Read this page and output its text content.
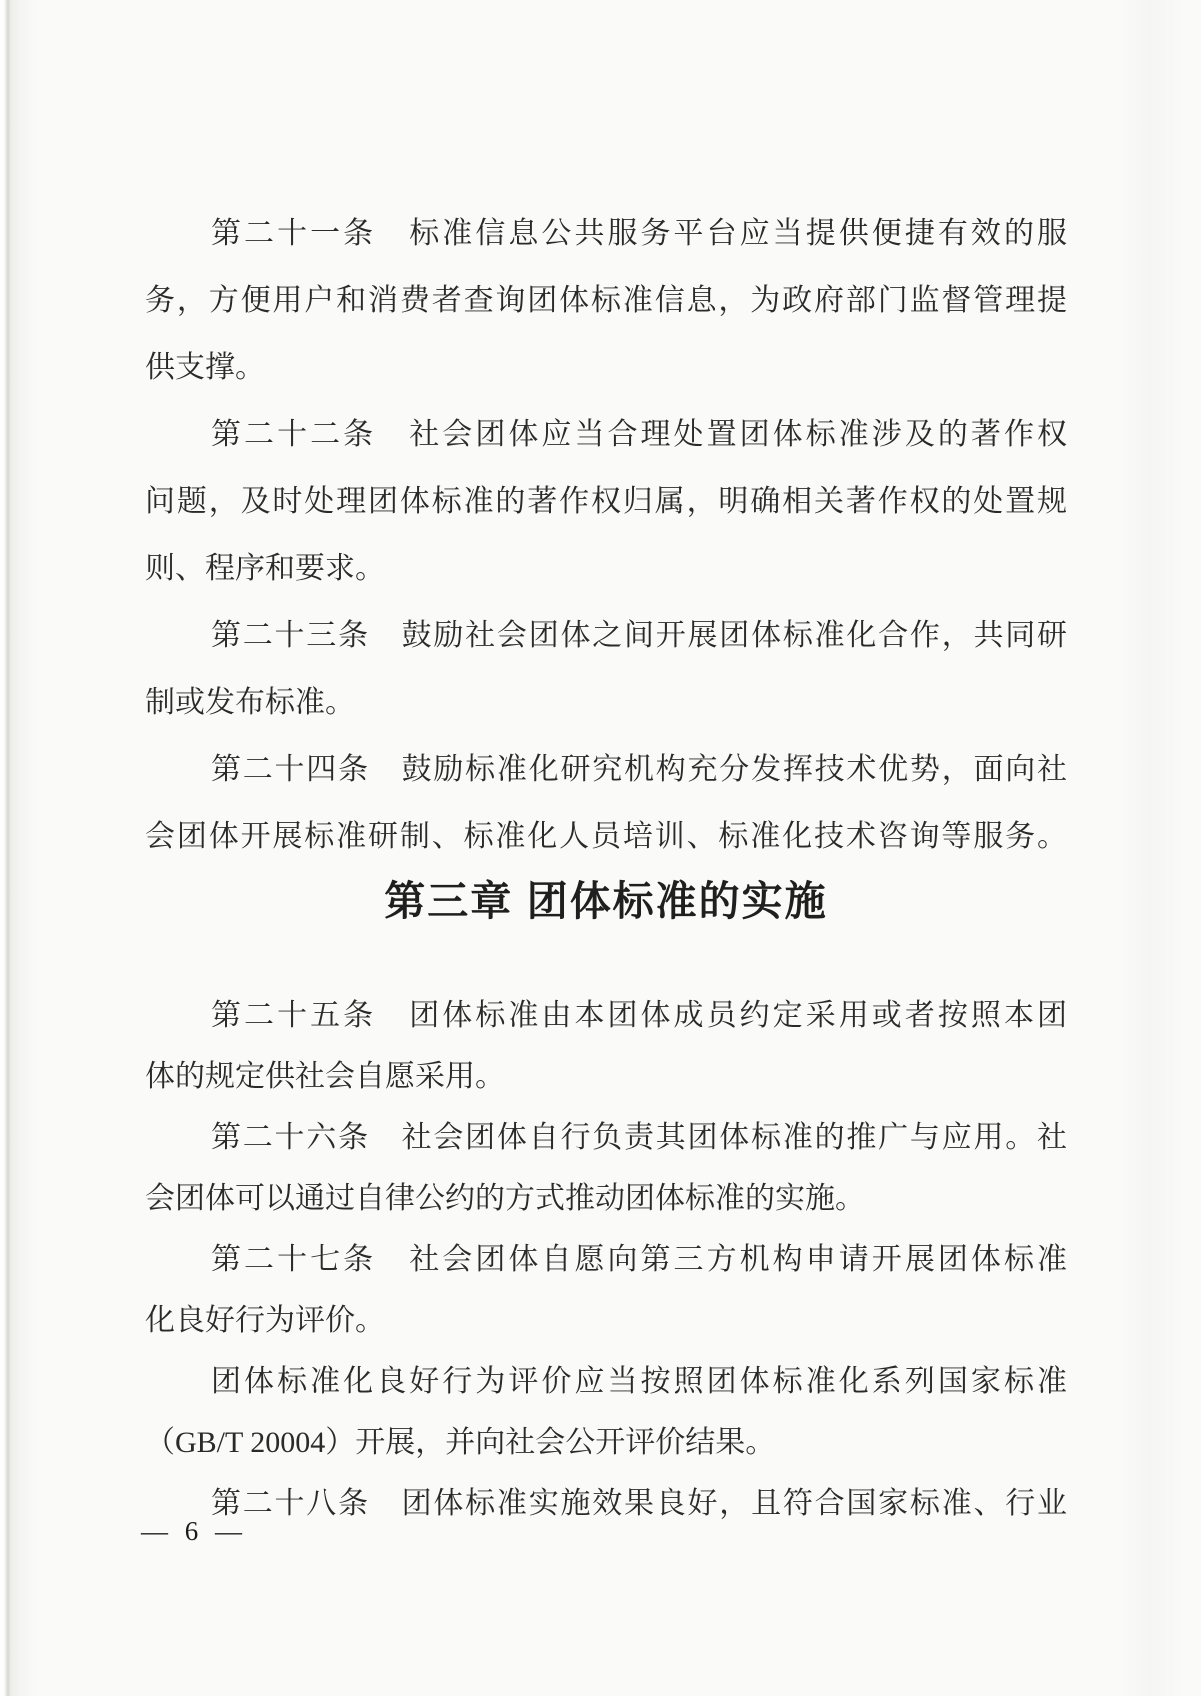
第二十一条　标准信息公共服务平台应当提供便捷有效的服
务，方便用户和消费者查询团体标准信息，为政府部门监督管理提
供支撑。
第二十二条　社会团体应当合理处置团体标准涉及的著作权
问题，及时处理团体标准的著作权归属，明确相关著作权的处置规
则、程序和要求。
第二十三条　鼓励社会团体之间开展团体标准化合作，共同研
制或发布标准。
第二十四条　鼓励标准化研究机构充分发挥技术优势，面向社
会团体开展标准研制、标准化人员培训、标准化技术咨询等服务。
第三章 团体标准的实施
第二十五条　团体标准由本团体成员约定采用或者按照本团
体的规定供社会自愿采用。
第二十六条　社会团体自行负责其团体标准的推广与应用。社
会团体可以通过自律公约的方式推动团体标准的实施。
第二十七条　社会团体自愿向第三方机构申请开展团体标准
化良好行为评价。
团体标准化良好行为评价应当按照团体标准化系列国家标准
（GB/T 20004）开展，并向社会公开评价结果。
第二十八条　团体标准实施效果良好，且符合国家标准、行业
— 6 —
